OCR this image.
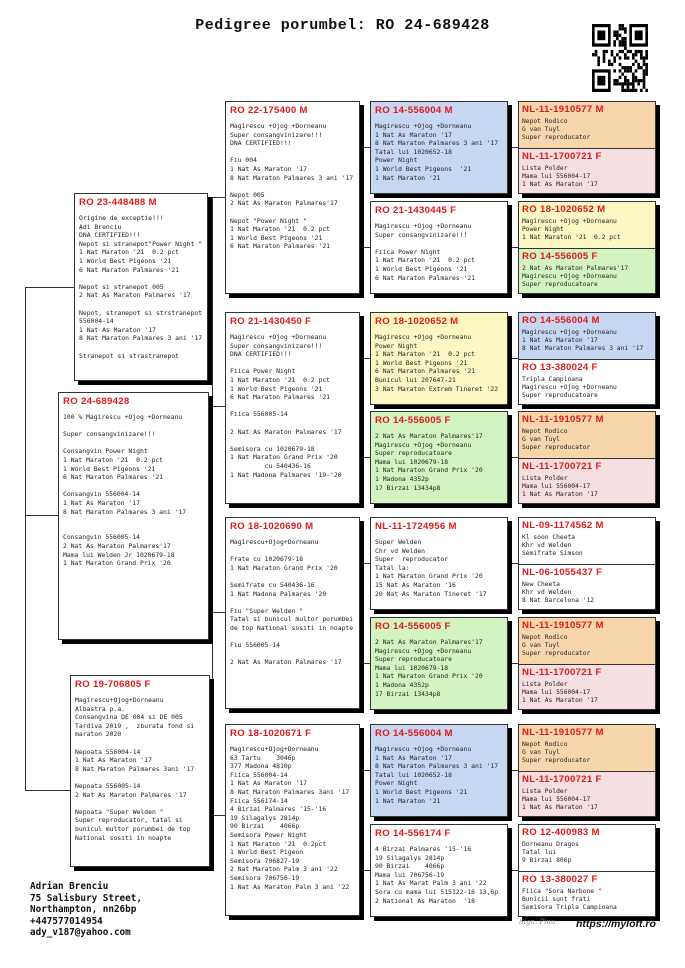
Pedigree porumbel: RO 24-689428
RO 24-689428
100 % Magirescu +Ojog +Dorneanu
Super consangvinizare!!!
Consangvin Power Night
1 Nat Maraton '21  0.2 pct
1 World Best Pigeons '21
6 Nat Maraton Palmares '21
Consangvin 556004-14
1 Nat As Maraton '17
8 Nat Maraton Palmares 3 ani '17
Consangvin 556005-14
2 Nat As Maraton Palmares'17
Mama lui Welden Jr 1020679-18
1 Nat Maraton Grand Prix '20
RO 23-448488 M
Origine de exceptie!!!
Adi Brenciu
DNA CERTIFIED!!!
Nepot si stranepot"Power Night "
1 Nat Maraton '21  0.2 pct
1 World Best Pigeons '21
6 Nat Maraton Palmares '21
Nepot si stranepot 005
2 Nat As Maraton Palmares '17
Nepot, stranepot si strstranepot
556004-14
1 Nat As Maraton '17
8 Nat Maraton Palmares 3 ani '17
Stranepot si strastranepot
RO 19-706805 F
Magirescu+Ojog+Dorneanu
Albastra p.a.
Consangvina DE 004 si DE 005
Tardiva 2019 ,  zburata fond si
maraton 2020
Nepoata 556004-14
1 Nat As Maraton '17
8 Nat Maraton Palmares 3ani '17
Nepoata 556005-14
2 Nat As Maraton Palmares '17
Nepoata "Super Welden "
Super reproducator, tatal si
bunicul multor porumbei de top
National sositi in noapte
RO 22-175400 M
Magirescu +Ojog +Dorneanu
Super consangvinizare!!!
DNA CERTIFIED!!!
Fiu 004
1 Nat As Maraton '17
8 Nat Maraton Palmares 3 ani '17
Nepot 005
2 Nat As Maraton Palmares'17
Nepot "Power Night "
1 Nat Maraton '21  0.2 pct
1 World Best Pigeons '21
6 Nat Maraton Palmares '21
RO 21-1430450 F
Magirescu +Ojog +Dorneanu
Super consangvinizare!!!
DNA CERTIFIED!!!
Fiica Power Night
1 Nat Maraton '21  0.2 pct
1 World Best Pigeons '21
6 Nat Maraton Palmares '21
Fiica 556005-14
2 Nat As Maraton Palmares '17
Semisora cu 1020679-18
1 Nat Maraton Grand Prix '20
cu 540436-16
1 Nat Madona Palmares '19-'20
RO 18-1020690 M
Magirescu+Ojog+Dorneanu
Frate cu 1020679-18
1 Nat Maraton Grand Prix '20
Semifrate cu 540436-16
1 Nat Madona Palmares '20
Fiu "Super Welden "
Tatal si bunicul multor porumbei
de top National sositi in noapte
Fiu 556005-14
2 Nat As Maraton Palmares '17
RO 18-1020671 F
Magirescu+Ojog+Dorneanu
63 Tartu    3046p
377 Madona 4810p
Fiica 556004-14
1 Nat As Maraton '17
8 Nat Maraton Palmares 3ani '17
Fiica 556174-14
4 Birzai Palmares '15-'16
19 Silagalys 2814p
90 Birzai    4066p
Semisora Power Night
1 Nat Maraton '21  0.2pct
1 World Best Pigeon
Semisora 706827-19
2 Nat Maraton Palm 3 ani '22
Semisora 706756-19
1 Nat As Maraton Palm 3 ani '22
RO 14-556004 M
Magirescu +Ojog +Dorneanu
1 Nat As Maraton '17
8 Nat Maraton Palmares 3 ani '17
Tatal lui 1020652-18
Power Night
1 World Best Pigeons  '21
1 Nat Maraton '21
RO 21-1430445 F
Magirescu +Ojog +Dorneanu
Super consangvinizare!!!
Fiica Power Night
1 Nat Maraton '21  0.2 pct
1 World Best Pigeons '21
6 Nat Maraton Palmares '21
RO 18-1020652 M
Magirescu +Ojog +Dorneanu
Power Night
1 Nat Maraton '21  0.2 pct
1 World Best Pigeons '21
6 Nat Maraton Palmares '21
Bunicul lui 207647-21
3 Nat Maraton Extrem Tineret '22
RO 14-556005 F
2 Nat As Maraton Palmares'17
Magirescu +Ojog +Dorneanu
Super reproducatoare
Mama lui 1020679-18
1 Nat Maraton Grand Prix '20
1 Madona 4352p
17 Birzai 13434p8
NL-11-1724956 M
Super Welden
Chr vd Welden
Super  reproducator
Tatal la:
1 Nat Maraton Grand Prix '20
15 Nat As Maraton '16
20 Nat As Maraton Tineret '17
RO 14-556005 F
2 Nat As Maraton Palmares'17
Magirescu +Ojog +Dorneanu
Super reproducatoare
Mama lui 1020679-18
1 Nat Maraton Grand Prix '20
1 Madona 4352p
17 Birzai 13434p8
RO 14-556004 M
Magirescu +Ojog +Dorneanu
1 Nat As Maraton '17
8 Nat Maraton Palmares 3 ani '17
Tatal lui 1020652-18
Power Night
1 World Best Pigeons '21
1 Nat Maraton '21
RO 14-556174 F
4 Birzai Palmares '15-'16
19 Silagalys 2814p
90 Birzai    4066p
Mama lui 706756-19
1 Nat As Marat Palm 3 ani '22
Sora cu mama lui 515122-16 13,6p
2 National As Maraton  '18
NL-11-1910577 M
Nepot Rodico
G van Tuyl
Super reproducator
NL-11-1700721 F
Lista Polder
Mama lui 556004-17
1 Nat As Maraton '17
RO 18-1020652 M
Magirescu +Ojog +Dorneanu
Power Night
1 Nat Maraton '21  0.2 pct
RO 14-556005 F
2 Nat As Maraton Palmares'17
Magirescu +Ojog +Dorneanu
Super reproducatoare
RO 14-556004 M
Magirescu +Ojog +Dorneanu
1 Nat As Maraton '17
8 Nat Maraton Palmares 3 ani '17
RO 13-380024 F
Tripla Campioana
Magirescu +Ojog +Dorneanu
Super reproducatoare
NL-11-1910577 M
Nepot Rodico
G van Tuyl
Super reproducator
NL-11-1700721 F
Lista Polder
Mama lui 556004-17
1 Nat As Maraton '17
NL-09-1174562 M
Kl soon Cheeta
Khr vd Welden
Semifrate Simson
NL-06-1055437 F
New Cheeta
Khr vd Welden
8 Nat Barcelona '12
NL-11-1910577 M
Nepot Rodico
G van Tuyl
Super reproducator
NL-11-1700721 F
Lista Polder
Mama lui 556004-17
1 Nat As Maraton '17
NL-11-1910577 M
Nepot Rodico
G van Tuyl
Super reproducator
NL-11-1700721 F
Lista Polder
Mama lui 556004-17
1 Nat As Maraton '17
RO 12-400983 M
Dorneanu Dragos
Tatal lui
9 Birzai 806p
RO 13-380027 F
Fiica "Sora Narbone "
Bunicii sunt frati
Semisora Tripla Campioana
Adrian Brenciu
75 Salisbury Street,
Northampton, nn26bp
+447577014954
ady_v187@yahoo.com
Sign. Pinu https://myloft.ro
